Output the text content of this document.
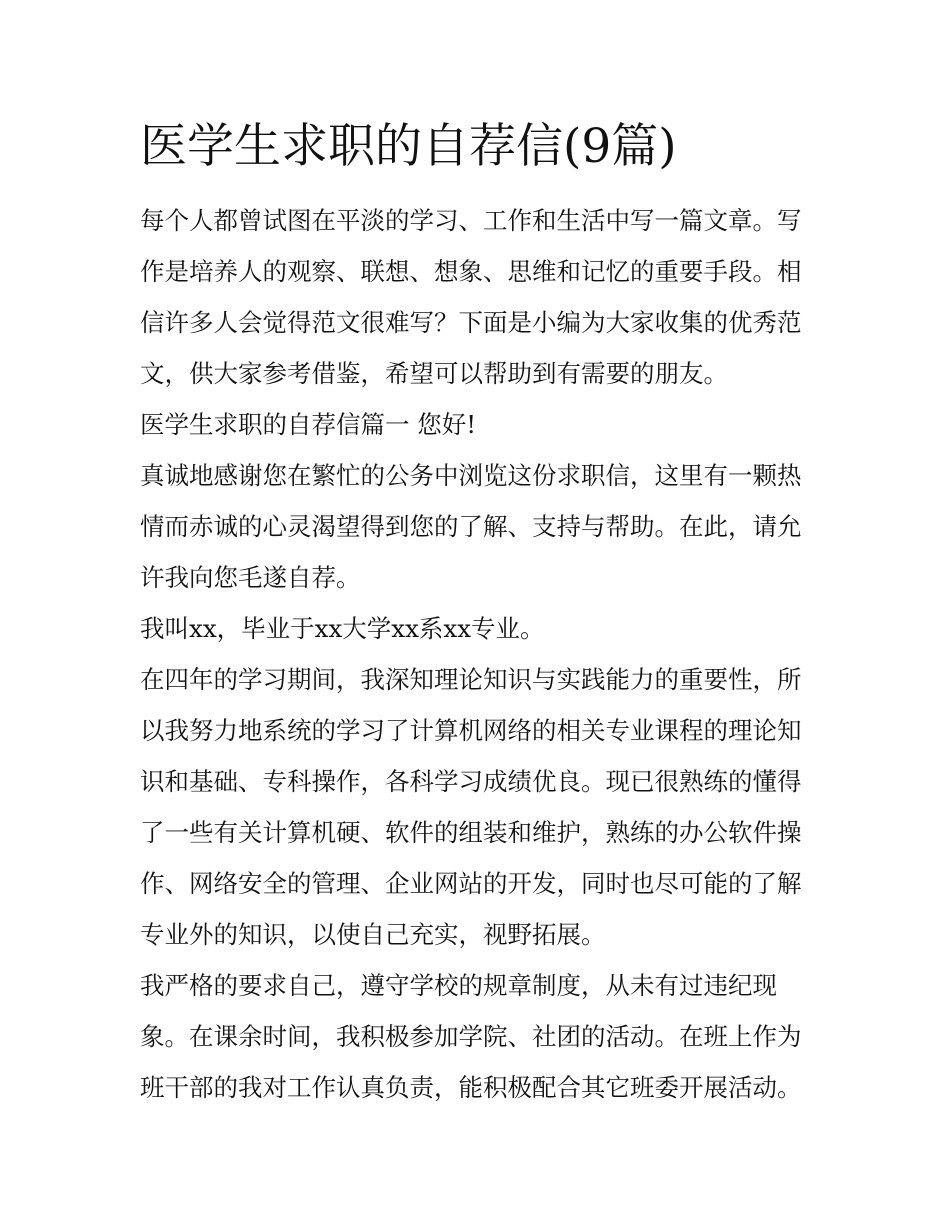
医学生求职的自荐信(9篇)

每个人都曾试图在平淡的学习、工作和生活中写一篇文章。写

作是培养人的观察、联想、想象、思维和记忆的重要手段。相

信许多人会觉得范文很难写？下面是小编为大家收集的优秀范

文，供大家参考借鉴，希望可以帮助到有需要的朋友。

医学生求职的自荐信篇一 您好!

真诚地感谢您在繁忙的公务中浏览这份求职信，这里有一颗热

情而赤诚的心灵渴望得到您的了解、支持与帮助。在此，请允

许我向您毛遂自荐。

我叫xx，毕业于xx大学xx系xx专业。

在四年的学习期间，我深知理论知识与实践能力的重要性，所

以我努力地系统的学习了计算机网络的相关专业课程的理论知

识和基础、专科操作，各科学习成绩优良。现已很熟练的懂得

了一些有关计算机硬、软件的组装和维护，熟练的办公软件操

作、网络安全的管理、企业网站的开发，同时也尽可能的了解

专业外的知识，以使自己充实，视野拓展。

我严格的要求自己，遵守学校的规章制度，从未有过违纪现

象。在课余时间，我积极参加学院、社团的活动。在班上作为

班干部的我对工作认真负责，能积极配合其它班委开展活动。
